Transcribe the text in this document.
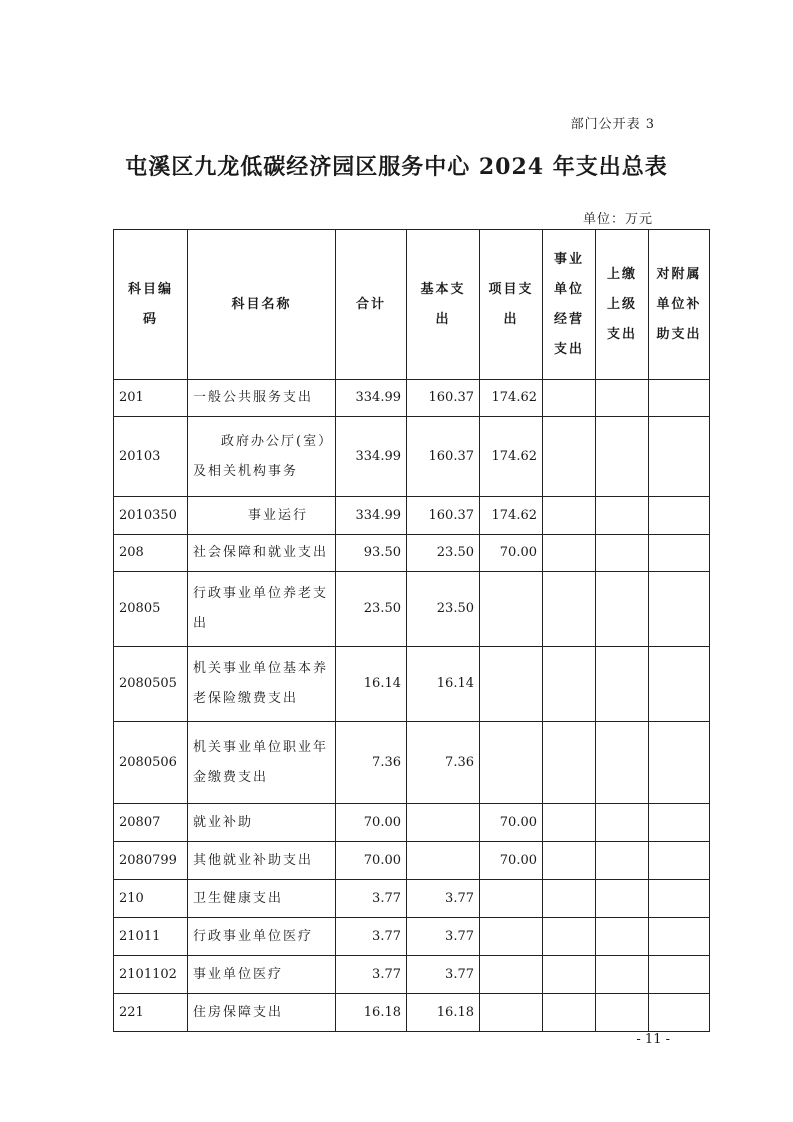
部门公开表 3
屯溪区九龙低碳经济园区服务中心 2024 年支出总表
单位：万元
科目编码	科目名称	合计	基本支出	项目支出	事业单位经营支出	上缴上级支出	对附属单位补助支出
201	一般公共服务支出	334.99	160.37	174.62			
20103	政府办公厅(室）及相关机构事务	334.99	160.37	174.62			
2010350	事业运行	334.99	160.37	174.62			
208	社会保障和就业支出	93.50	23.50	70.00			
20805	行政事业单位养老支出	23.50	23.50				
2080505	机关事业单位基本养老保险缴费支出	16.14	16.14				
2080506	机关事业单位职业年金缴费支出	7.36	7.36				
20807	就业补助	70.00		70.00			
2080799	其他就业补助支出	70.00		70.00			
210	卫生健康支出	3.77	3.77				
21011	行政事业单位医疗	3.77	3.77				
2101102	事业单位医疗	3.77	3.77				
221	住房保障支出	16.18	16.18				
- 11 -
